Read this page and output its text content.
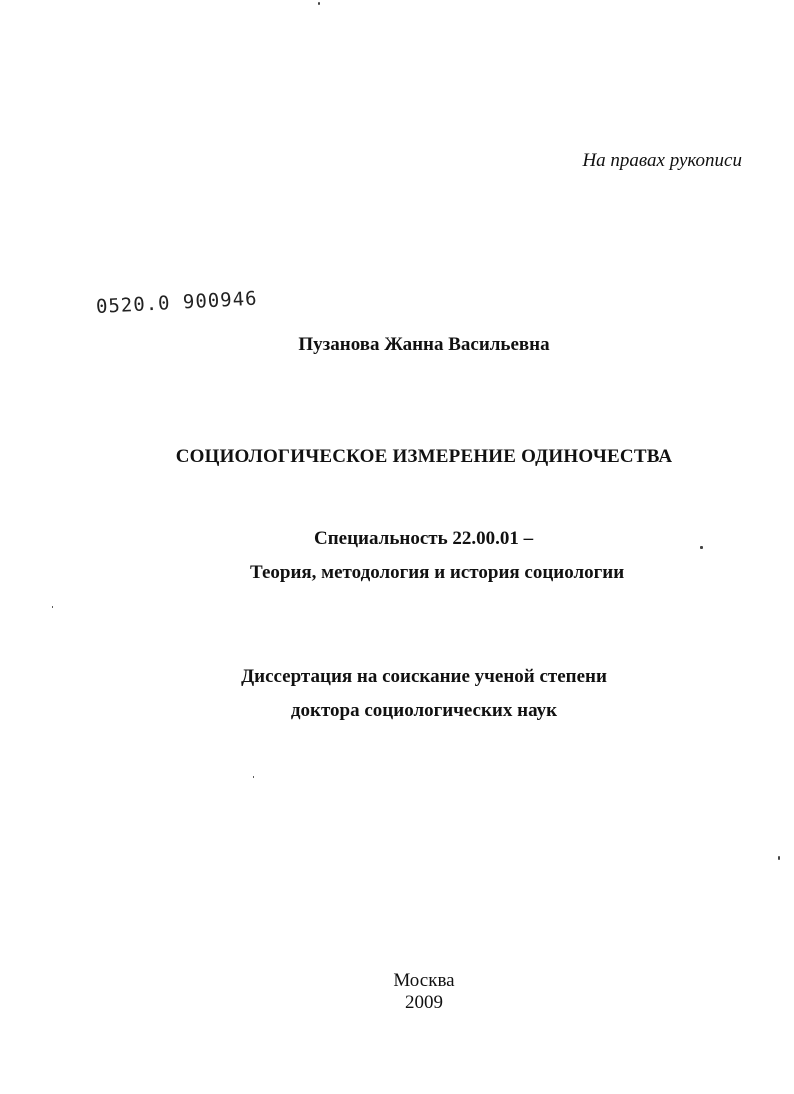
На правах рукописи
0520.0 900946
Пузанова Жанна Васильевна
СОЦИОЛОГИЧЕСКОЕ ИЗМЕРЕНИЕ ОДИНОЧЕСТВА
Специальность 22.00.01 –
Теория, методология и история социологии
Диссертация на соискание ученой степени
доктора социологических наук
Москва
2009
